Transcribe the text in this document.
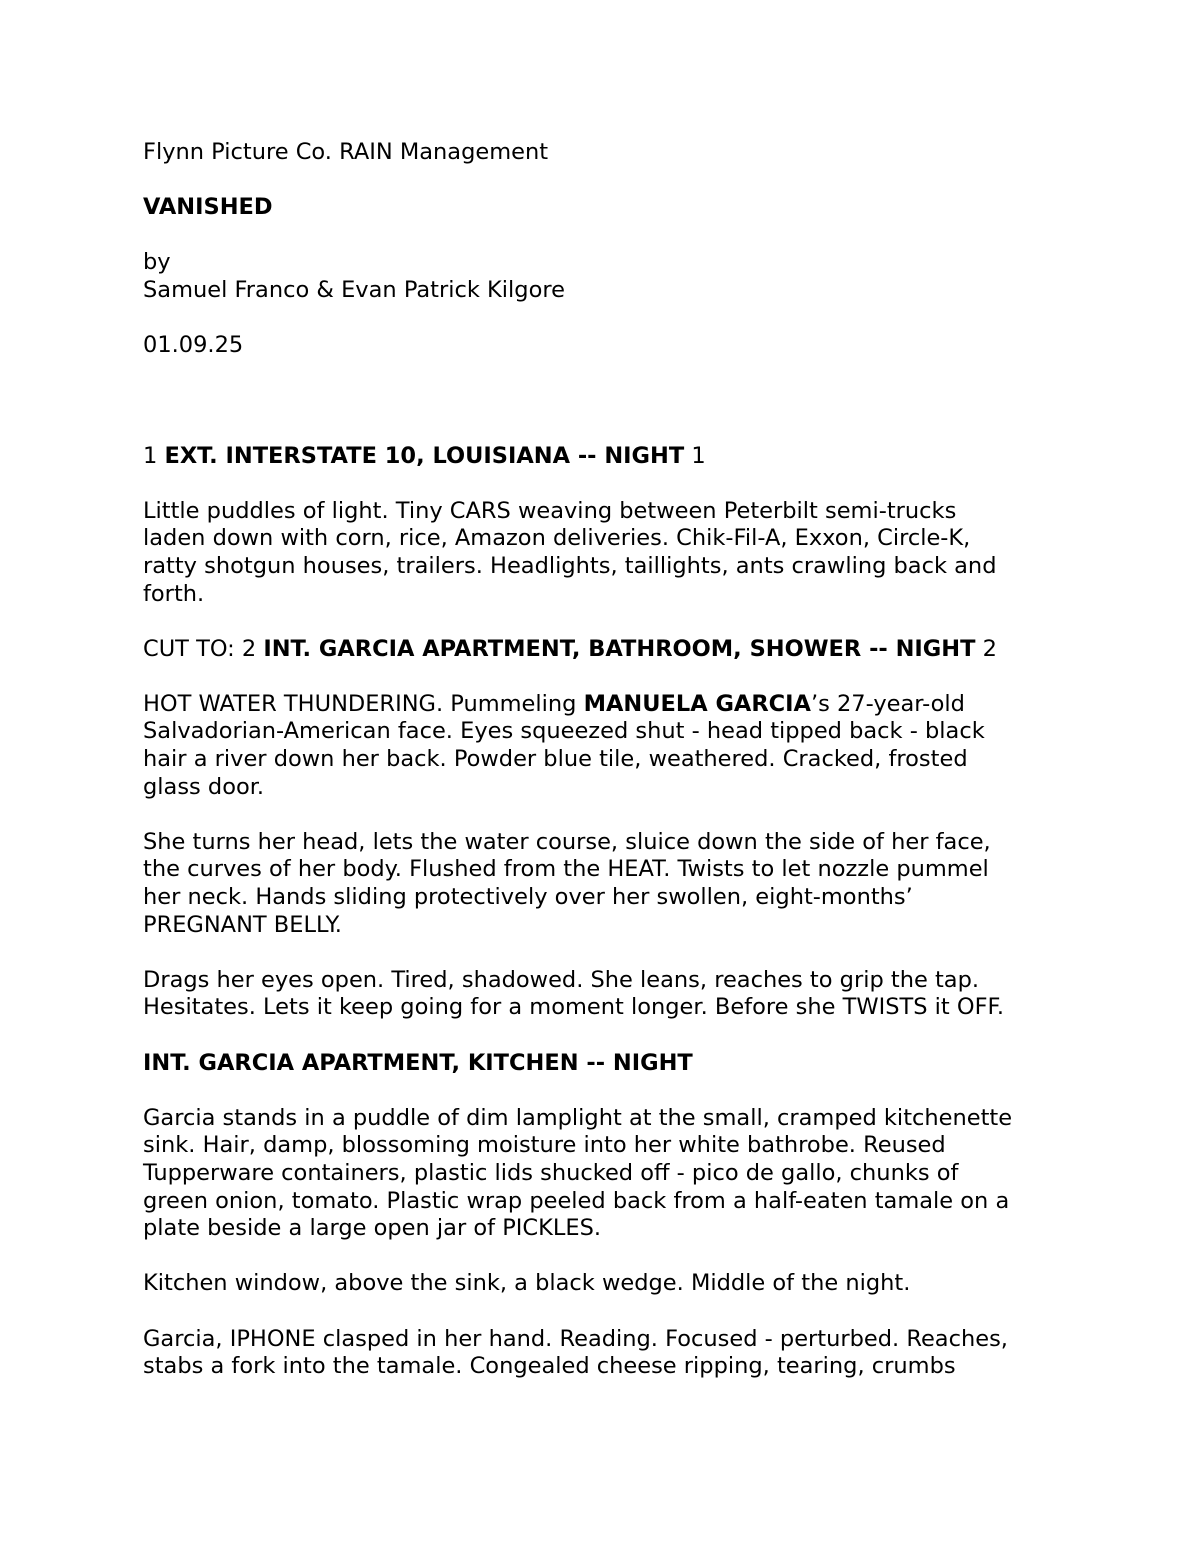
Flynn Picture Co. RAIN Management

VANISHED

by

Samuel Franco & Evan Patrick Kilgore

01.09.25

1 EXT. INTERSTATE 10, LOUISIANA -- NIGHT 1

Little puddles of light. Tiny CARS weaving between Peterbilt semi-trucks

laden down with corn, rice, Amazon deliveries. Chik-Fil-A, Exxon, Circle-K,

ratty shotgun houses, trailers. Headlights, taillights, ants crawling back and

forth.

CUT TO: 2 INT. GARCIA APARTMENT, BATHROOM, SHOWER -- NIGHT 2

HOT WATER THUNDERING. Pummeling MANUELA GARCIA’s 27-year-old

Salvadorian-American face. Eyes squeezed shut - head tipped back - black

hair a river down her back. Powder blue tile, weathered. Cracked, frosted

glass door.

She turns her head, lets the water course, sluice down the side of her face,

the curves of her body. Flushed from the HEAT. Twists to let nozzle pummel

her neck. Hands sliding protectively over her swollen, eight-months’

PREGNANT BELLY.

Drags her eyes open. Tired, shadowed. She leans, reaches to grip the tap.

Hesitates. Lets it keep going for a moment longer. Before she TWISTS it OFF.

INT. GARCIA APARTMENT, KITCHEN -- NIGHT

Garcia stands in a puddle of dim lamplight at the small, cramped kitchenette

sink. Hair, damp, blossoming moisture into her white bathrobe. Reused

Tupperware containers, plastic lids shucked off - pico de gallo, chunks of

green onion, tomato. Plastic wrap peeled back from a half-eaten tamale on a

plate beside a large open jar of PICKLES.

Kitchen window, above the sink, a black wedge. Middle of the night.

Garcia, IPHONE clasped in her hand. Reading. Focused - perturbed. Reaches,

stabs a fork into the tamale. Congealed cheese ripping, tearing, crumbs
